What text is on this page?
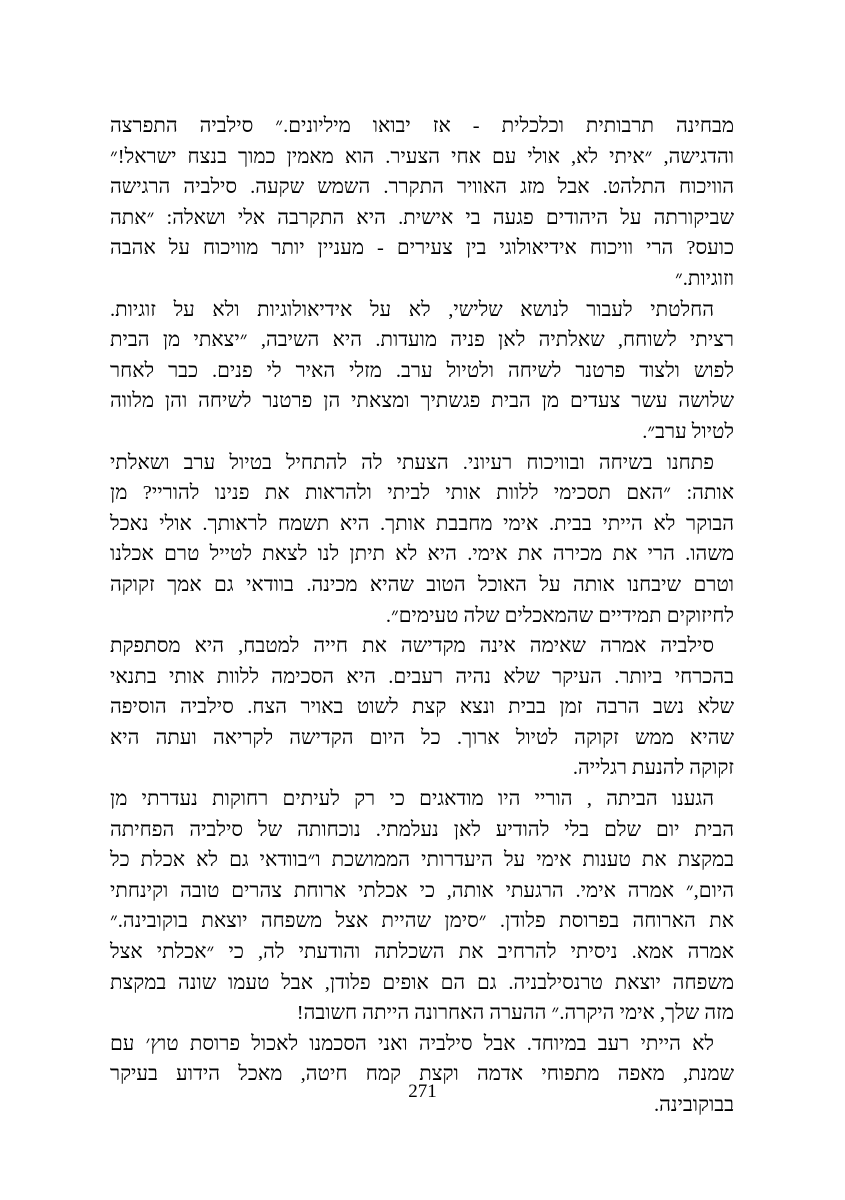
מבחינה תרבותית וכלכלית - אז יבואו מיליונים.״ סילביה התפרצה
והדגישה, ״איתי לא, אולי עם אחי הצעיר. הוא מאמין כמוך בנצח ישראל!״
הוויכוח התלהט. אבל מזג האוויר התקרר. השמש שקעה. סילביה הרגישה
שביקורתה על היהודים פגעה בי אישית. היא התקרבה אלי ושאלה: ״אתה
כועס? הרי וויכוח אידיאולוגי בין צעירים - מעניין יותר מוויכוח על אהבה
וזוגיות.״
החלטתי לעבור לנושא שלישי, לא על אידיאולוגיות ולא על זוגיות.
רציתי לשוחח, שאלתיה לאן פניה מועדות. היא השיבה, ״יצאתי מן הבית
לפוש ולצוד פרטנר לשיחה ולטיול ערב. מזלי האיר לי פנים. כבר לאחר
שלושה עשר צעדים מן הבית פגשתיך ומצאתי הן פרטנר לשיחה והן מלווה
לטיול ערב״.
פתחנו בשיחה ובוויכוח רעיוני. הצעתי לה להתחיל בטיול ערב ושאלתי
אותה: ״האם תסכימי ללוות אותי לביתי ולהראות את פנינו להוריי? מן
הבוקר לא הייתי בבית. אימי מחבבת אותך. היא תשמח לראותך. אולי נאכל
משהו. הרי את מכירה את אימי. היא לא תיתן לנו לצאת לטייל טרם אכלנו
וטרם שיבחנו אותה על האוכל הטוב שהיא מכינה. בוודאי גם אמך זקוקה
לחיזוקים תמידיים שהמאכלים שלה טעימים״.
סילביה אמרה שאימה אינה מקדישה את חייה למטבח, היא מסתפקת
בהכרחי ביותר. העיקר שלא נהיה רעבים. היא הסכימה ללוות אותי בתנאי
שלא נשב הרבה זמן בבית ונצא קצת לשוט באויר הצח. סילביה הוסיפה
שהיא ממש זקוקה לטיול ארוך. כל היום הקדישה לקריאה ועתה היא
זקוקה להנעת רגלייה.
הגענו הביתה , הוריי היו מודאגים כי רק לעיתים רחוקות נעדרתי מן
הבית יום שלם בלי להודיע לאן נעלמתי. נוכחותה של סילביה הפחיתה
במקצת את טענות אימי על היעדרותי הממושכת ו״בוודאי גם לא אכלת כל
היום,״ אמרה אימי. הרגעתי אותה, כי אכלתי ארוחת צהרים טובה וקינחתי
את הארוחה בפרוסת פלודן. ״סימן שהיית אצל משפחה יוצאת בוקובינה.״
אמרה אמא. ניסיתי להרחיב את השכלתה והודעתי לה, כי ״אכלתי אצל
משפחה יוצאת טרנסילבניה. גם הם אופים פלודן, אבל טעמו שונה במקצת
מזה שלך, אימי היקרה.״ ההערה האחרונה הייתה חשובה!
לא הייתי רעב במיוחד. אבל סילביה ואני הסכמנו לאכול פרוסת טוץ׳ עם
שמנת, מאפה מתפוחי אדמה וקצת קמח חיטה, מאכל הידוע בעיקר
בבוקובינה.
271
